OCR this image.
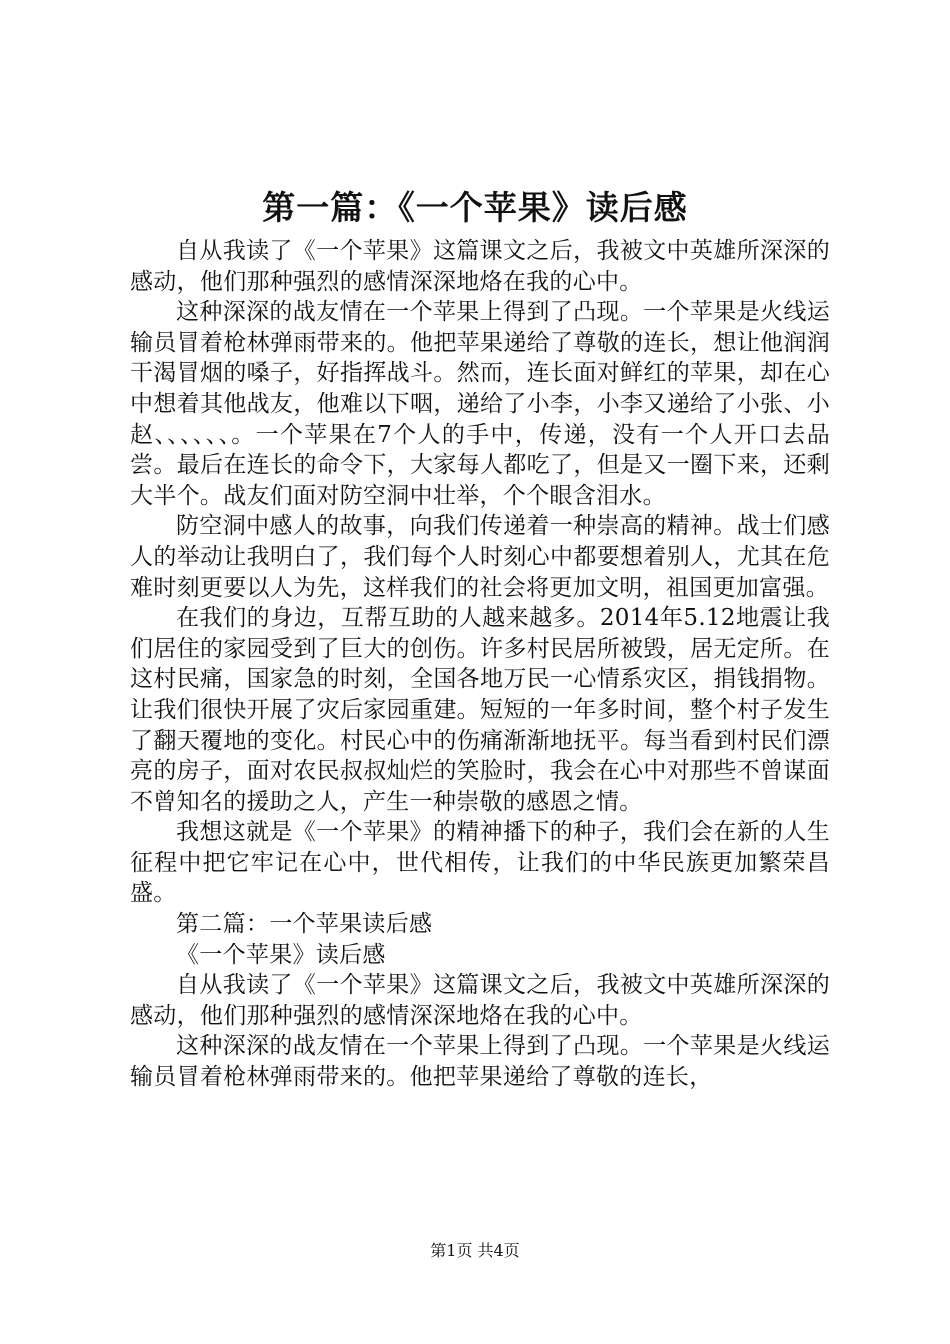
第一篇：《一个苹果》读后感

自从我读了《一个苹果》这篇课文之后，我被文中英雄所深深的感动，他们那种强烈的感情深深地烙在我的心中。

这种深深的战友情在一个苹果上得到了凸现。一个苹果是火线运输员冒着枪林弹雨带来的。他把苹果递给了尊敬的连长，想让他润润干渴冒烟的嗓子，好指挥战斗。然而，连长面对鲜红的苹果，却在心中想着其他战友，他难以下咽，递给了小李，小李又递给了小张、小赵、、、、、、。一个苹果在7个人的手中，传递，没有一个人开口去品尝。最后在连长的命令下，大家每人都吃了，但是又一圈下来，还剩大半个。战友们面对防空洞中壮举，个个眼含泪水。

防空洞中感人的故事，向我们传递着一种崇高的精神。战士们感人的举动让我明白了，我们每个人时刻心中都要想着别人，尤其在危难时刻更要以人为先，这样我们的社会将更加文明，祖国更加富强。

在我们的身边，互帮互助的人越来越多。2014年5.12地震让我们居住的家园受到了巨大的创伤。许多村民居所被毁，居无定所。在这村民痛，国家急的时刻，全国各地万民一心情系灾区，捐钱捐物。让我们很快开展了灾后家园重建。短短的一年多时间，整个村子发生了翻天覆地的变化。村民心中的伤痛渐渐地抚平。每当看到村民们漂亮的房子，面对农民叔叔灿烂的笑脸时，我会在心中对那些不曾谋面不曾知名的援助之人，产生一种崇敬的感恩之情。

我想这就是《一个苹果》的精神播下的种子，我们会在新的人生征程中把它牢记在心中，世代相传，让我们的中华民族更加繁荣昌盛。

第二篇：一个苹果读后感

《一个苹果》读后感

自从我读了《一个苹果》这篇课文之后，我被文中英雄所深深的感动，他们那种强烈的感情深深地烙在我的心中。

这种深深的战友情在一个苹果上得到了凸现。一个苹果是火线运输员冒着枪林弹雨带来的。他把苹果递给了尊敬的连长，

第1页 共4页
